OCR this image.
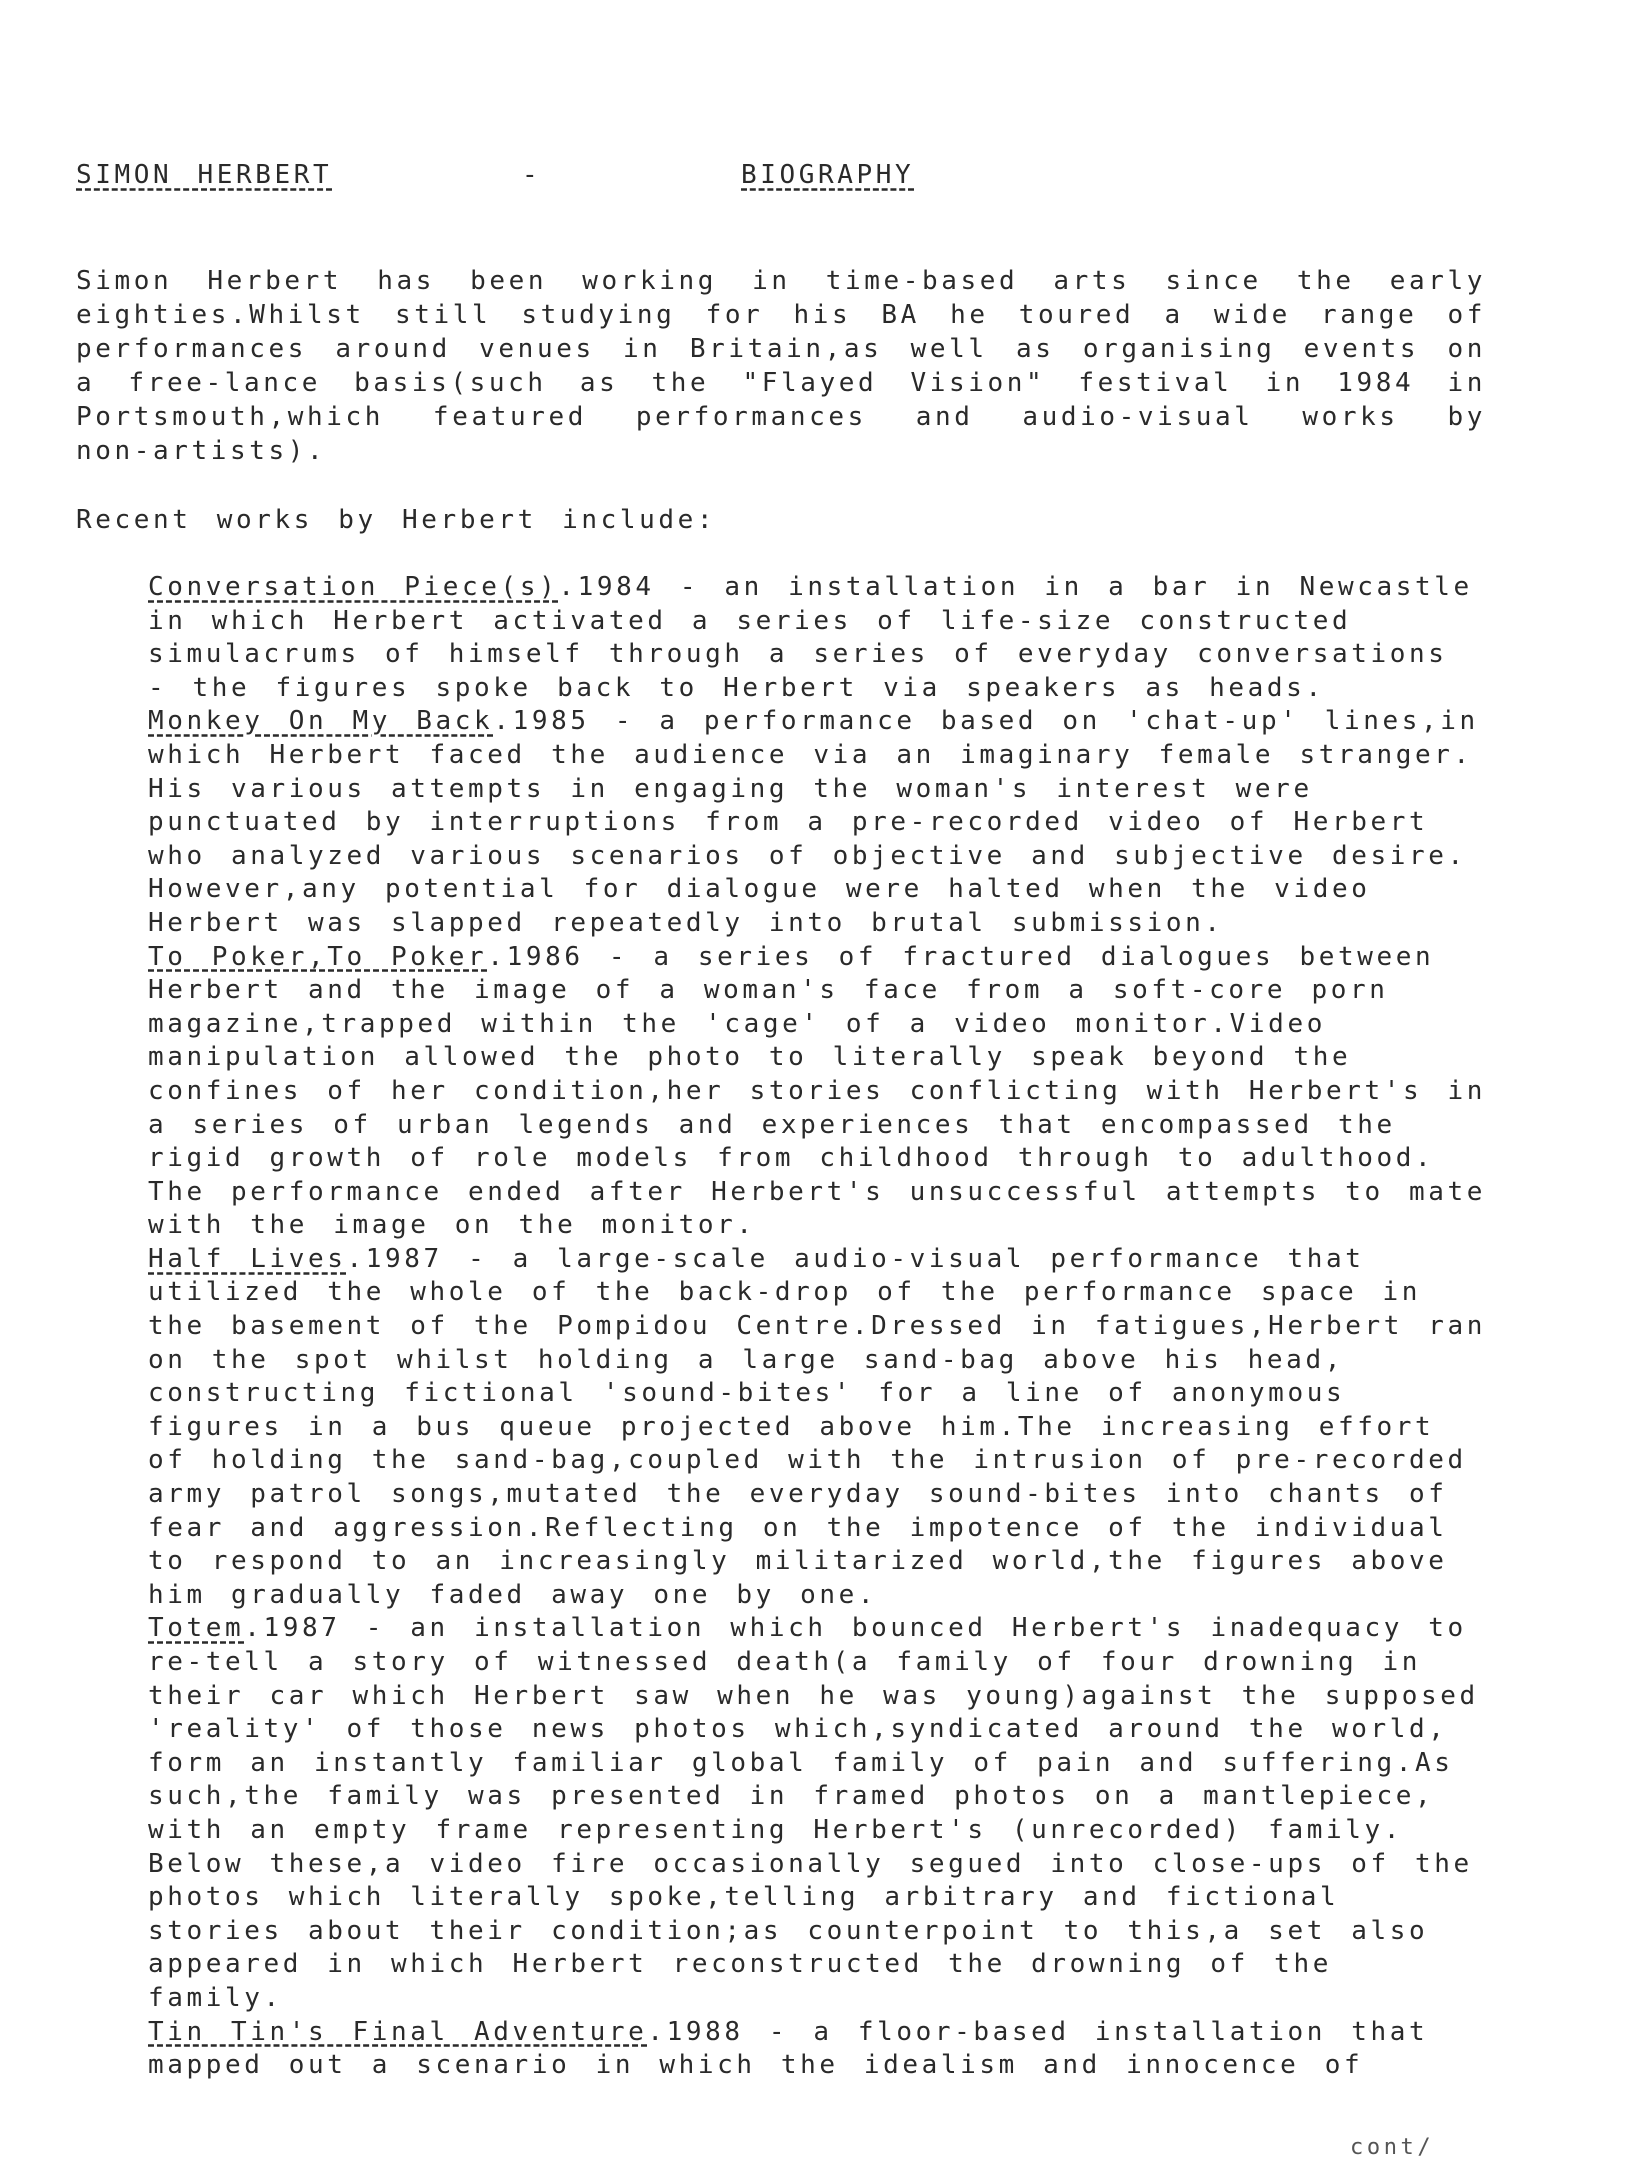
SIMON HERBERT	-	BIOGRAPHY
Simon Herbert has been working in time-based arts since the early
eighties.Whilst still studying for his BA he toured a wide range of
performances around venues in Britain,as well as organising events on
a free-lance basis(such as the "Flayed Vision" festival in 1984 in
Portsmouth,which featured performances and audio-visual works by
non-artists).
Recent works by Herbert include:

Conversation Piece(s).1984 - an installation in a bar in Newcastle in which Herbert activated a series of life-size constructed simulacrums of himself through a series of everyday conversations - the figures spoke back to Herbert via speakers as heads.

Monkey On My Back.1985 - a performance based on 'chat-up' lines,in which Herbert faced the audience via an imaginary female stranger. His various attempts in engaging the woman's interest were punctuated by interruptions from a pre-recorded video of Herbert who analyzed various scenarios of objective and subjective desire. However,any potential for dialogue were halted when the video Herbert was slapped repeatedly into brutal submission.

To Poker,To Poker.1986 - a series of fractured dialogues between Herbert and the image of a woman's face from a soft-core porn magazine,trapped within the 'cage' of a video monitor.Video manipulation allowed the photo to literally speak beyond the confines of her condition,her stories conflicting with Herbert's in a series of urban legends and experiences that encompassed the rigid growth of role models from childhood through to adulthood. The performance ended after Herbert's unsuccessful attempts to mate with the image on the monitor.

Half Lives.1987 - a large-scale audio-visual performance that utilized the whole of the back-drop of the performance space in the basement of the Pompidou Centre.Dressed in fatigues,Herbert ran on the spot whilst holding a large sand-bag above his head, constructing fictional 'sound-bites' for a line of anonymous figures in a bus queue projected above him.The increasing effort of holding the sand-bag,coupled with the intrusion of pre-recorded army patrol songs,mutated the everyday sound-bites into chants of fear and aggression.Reflecting on the impotence of the individual to respond to an increasingly militarized world,the figures above him gradually faded away one by one.

Totem.1987 - an installation which bounced Herbert's inadequacy to re-tell a story of witnessed death(a family of four drowning in their car which Herbert saw when he was young)against the supposed 'reality' of those news photos which,syndicated around the world, form an instantly familiar global family of pain and suffering.As such,the family was presented in framed photos on a mantlepiece, with an empty frame representing Herbert's (unrecorded) family. Below these,a video fire occasionally segued into close-ups of the photos which literally spoke,telling arbitrary and fictional stories about their condition;as counterpoint to this,a set also appeared in which Herbert reconstructed the drowning of the family.

Tin Tin's Final Adventure.1988 - a floor-based installation that mapped out a scenario in which the idealism and innocence of

cont/
